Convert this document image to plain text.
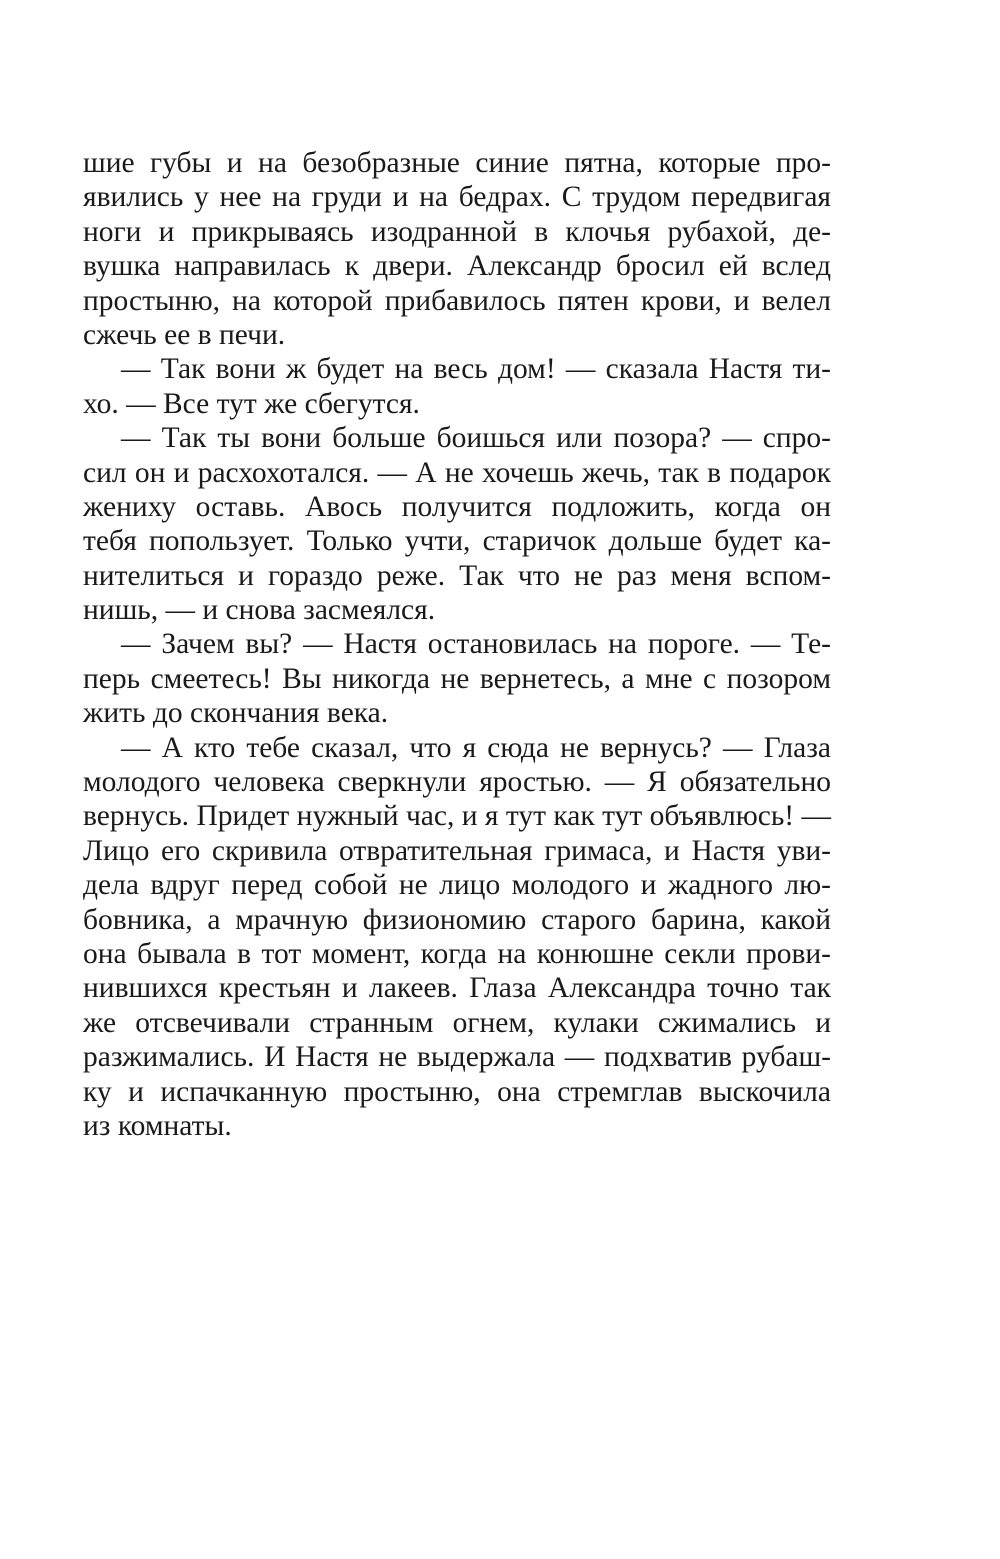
шие губы и на безобразные синие пятна, которые про-
явились у нее на груди и на бедрах. С трудом передвигая
ноги и прикрываясь изодранной в клочья рубахой, де-
вушка направилась к двери. Александр бросил ей вслед
простыню, на которой прибавилось пятен крови, и велел
сжечь ее в печи.
— Так вони ж будет на весь дом! — сказала Настя ти-
хо. — Все тут же сбегутся.
— Так ты вони больше боишься или позора? — спро-
сил он и расхохотался. — А не хочешь жечь, так в подарок
жениху оставь. Авось получится подложить, когда он
тебя попользует. Только учти, старичок дольше будет ка-
нителиться и гораздо реже. Так что не раз меня вспом-
нишь, — и снова засмеялся.
— Зачем вы? — Настя остановилась на пороге. — Те-
перь смеетесь! Вы никогда не вернетесь, а мне с позором
жить до скончания века.
— А кто тебе сказал, что я сюда не вернусь? — Глаза
молодого человека сверкнули яростью. — Я обязательно
вернусь. Придет нужный час, и я тут как тут объявлюсь! —
Лицо его скривила отвратительная гримаса, и Настя уви-
дела вдруг перед собой не лицо молодого и жадного лю-
бовника, а мрачную физиономию старого барина, какой
она бывала в тот момент, когда на конюшне секли прови-
нившихся крестьян и лакеев. Глаза Александра точно так
же отсвечивали странным огнем, кулаки сжимались и
разжимались. И Настя не выдержала — подхватив рубаш-
ку и испачканную простыню, она стремглав выскочила
из комнаты.
